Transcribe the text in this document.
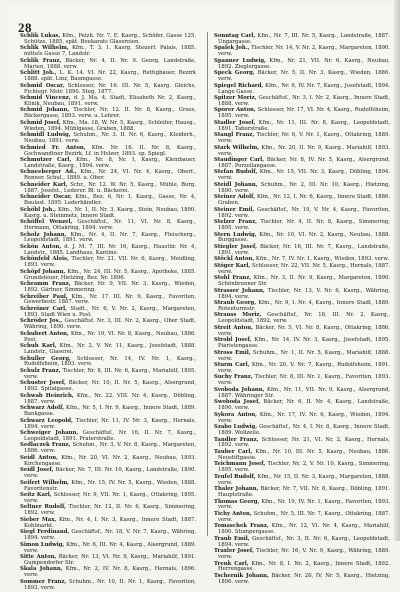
28

Schlik Lukas, Kfm., Pelzh. Nr. 7, E. Kasrg., Schöfer, Gasse 125, Schütze, 1885, spät. Boukarats Glasereien.

Schlik Wilhelm, Kfm., T. 3, 1. Kasrg. Steuerf. Palais, 1885. mittels Gasse 7, Landstr.

Schlik Franz, Bäcker, Nr. 4, II. Nr. 9. Georg, Landstraße, Marien, 1888. verw.

Schlitt Joh., L. K. 14. VI. Nr. 22, Kasrg., Rettigbauer, Bezirk 1888. spät. Linz, Baumgasse.

Schmid Oscar, Schlosser, Nr. 16. III. Nr. 5, Kasrg. Gleichs, Fichtegr. Mstr. 1890. Steg, 1877.

Schmid Vincenz, d. J. Ma. 4, Stadt, Elisabeth Nr. 2, Kasrg., Klinik, Neubau, 1891. verw.

Schmid Johann, Tischler, Nr. 12. II. Nr. 8, Kasrg., Gruss, Bäckergasse, 1893. verw. u. Lehrer.

Schmid Josef, Kfm., Ma. 18, W. Nr. 5, Kasrg., Schleifer, Hausg., Wieden, 1894. Mühlgasse, Graben, 1888.

Schmidl Ludwig, Schuhm., Nr. 3. II. Nr. 6, Kasrg., Kleiderh., Neubau, 1891. verw.

Schmied Fr. Anton, Kfm. Nr. 16. II. Nr. 8, Kasrg., Gschwandtner Bezirk, Lf. in Holzer, 1893. sp. Spiegl.

Schmutzer Carl, Kfm., Nr. 8, Nr. 1, Kasrg., Kleinbauer, Landstraße, Kasrg., 1894. verw.

Schneeberger Ad., Kfm., Nr. 24, VI. Nr. 4, Kasrg., Oberf., Renner. Schul., 1889. u. Ober.

Schneider Karl, Schr., Nr. 12. W. Nr. 5, Kasrg., Mühle, Burg. 1887. Josefst., Lederer. Bl. u. Bäckerei.

Schneider Oscar, Kfm., Bez. 6, Nr. 1, Kasrg., Gasse, Nr. 4, Baulast. 1895. Lederhändler.

Schöbl Joh., Kfm., Nr. 1, II. Nr. 3, Kasrg., Stein, Neubau, 1890. Kasrg. u. Steinmetz, Innere Stadt.

Schöffel Wenzel, Geschäftsf., Nr. 11, VI. Nr. 8, Kasrg., Hermann, Ottakring, 1894. verw.

Scholz Johann, Kfm., Nr. 4, II. Nr. 7, Kasrg., Fleischerg., Leopoldstadt, 1891. verw.

Schön Anton, d. J. M. 7, III. Nr. 16, Kasrg., Haustür. Nr. 4, Landstr., 1885. Landhaus, Kantine.

Schönfeld Alois, Tischler, Nr. 21, VII. Nr. 6, Kasrg., Meidling, 1893. verw.

Schöpf Johann, Kfm., Nr. 24, III. Nr. 5, Kasrg., Apotheke, 1885. Grundsteuer, Hietzing, Bez. Nr. 1896.

Schramm Franz, Bäcker, Nr. 9, VII. Nr. 3, Kasrg., Wieden, 1892. Gärtner, Simmering.

Schreiber Paul, Kfm., Nr. 17. III. Nr. 9, Kasrg., Favoriten, Gewerbestr. 1887. verw.

Schreiner Carl, Stadt., Nr. 6, V. Nr. 2, Kasrg., Margareten, 1893. Stadt Wien u. Post.

Schröder Jos., Geschäftsf. Nr. 3, III. Nr. 2, Kasrg., Ober Stadt, Währing, 1890. verw.

Schubert Anton, Kfm., Nr. 19, VI. Nr. 8, Kasrg., Neubau, 1886. Post.

Schuh Karl, Kfm., Nr. 2, V. Nr. 11, Kasrg., Josefstadt, 1888. Landstr., Glaserei.

Schuller Georg, Schlosser, Nr. 14, IV. Nr. 1, Kasrg., Rudolfsheim, 1893. verw.

Schulz Franz, Tischler, Nr. 8, III. Nr. 6, Kasrg., Mariahilf, 1895. verw.

Schuster Josef, Bäcker, Nr. 10, II. Nr. 5, Kasrg., Alsergrund, 1892. Spitalgasse.

Schwab Heinrich, Kfm., Nr. 22, VIII. Nr. 4, Kasrg., Döbling, 1887. verw.

Schwarz Adolf, Kfm., Nr. 5, I. Nr. 9, Kasrg., Innere Stadt, 1889. Bankgasse.

Schwarz Leopold, Tischler, Nr. 11, IV. Nr. 3, Kasrg., Hernals, 1894. verw.

Schweiger Johann, Geschäftsf., Nr. 16, II. Nr. 7, Kasrg., Leopoldstadt, 1891. Praterstraße.

Sedlaczek Franz, Schuhm., Nr. 3, V. Nr. 8, Kasrg., Margareten, 1886. verw.

Seidl Anton, Kfm., Nr. 20, VI. Nr. 2, Kasrg., Neubau, 1893. Kirchengasse.

Seidl Josef, Bäcker, Nr. 7, III. Nr. 10, Kasrg., Landstraße, 1890. verw.

Seifert Wilhelm, Kfm., Nr. 15, IV. Nr. 5, Kasrg., Wieden, 1888. Favoritenstr.

Seitz Karl, Schlosser, Nr. 9, VII. Nr. 1, Kasrg., Ottakring, 1895. verw.

Seltner Rudolf, Tischler, Nr. 12, II. Nr. 6, Kasrg., Simmering, 1892. verw.

Sieber Max, Kfm., Nr. 4, I. Nr. 3, Kasrg., Innere Stadt, 1887. Kohlmarkt.

Siegl Ferdinand, Geschäftsf., Nr. 18, V. Nr. 7, Kasrg., Währing, 1894. verw.

Simon Ludwig, Kfm., Nr. 6, III. Nr. 4, Kasrg., Alsergrund, 1889. verw.

Sitte Anton, Bäcker, Nr. 13, VI. Nr. 9, Kasrg., Mariahilf, 1891. Gumpendorfer Str.

Skala Johann, Kfm., Nr. 2, IV. Nr. 8, Kasrg., Hernals, 1896. verw.

Sommer Franz, Schuhm., Nr. 10, II. Nr. 1, Kasrg., Favoriten, 1893. verw.

Sonntag Carl, Kfm., Nr. 7, III. Nr. 5, Kasrg., Landstraße, 1887. Ungargasse.

Spalek Joh., Tischler, Nr. 14, V. Nr. 2, Kasrg., Margareten, 1890. verw.

Spanner Ludwig, Kfm., Nr. 21, VII. Nr. 6, Kasrg., Neubau, 1892. Zieglergasse.

Speck Georg, Bäcker, Nr. 5, II. Nr. 3, Kasrg., Wieden, 1886. verw.

Spiegel Richard, Kfm., Nr. 9, IV. Nr. 7, Kasrg., Josefstadt, 1894. Lange Gasse.

Spitzer Moriz, Geschäftsf., Nr. 3, I. Nr. 2, Kasrg., Innere Stadt, 1888. verw.

Sporer Anton, Schlosser, Nr. 17, VI. Nr. 4, Kasrg., Rudolfsheim, 1895. verw.

Stadler Josef, Kfm., Nr. 11, III. Nr. 8, Kasrg., Leopoldstadt, 1891. Taborstraße.

Stangl Franz, Tischler, Nr. 6, V. Nr. 1, Kasrg., Ottakring, 1889. verw.

Stark Wilhelm, Kfm., Nr. 20, II. Nr. 9, Kasrg., Mariahilf, 1893. verw.

Staudinger Carl, Bäcker, Nr. 8, IV. Nr. 5, Kasrg., Alsergrund, 1887. Porzellangasse.

Stefan Rudolf, Kfm., Nr. 15, VII. Nr. 3, Kasrg., Döbling, 1894. verw.

Steidl Johann, Schuhm., Nr. 2, III. Nr. 10, Kasrg., Hietzing, 1890. verw.

Steiner Adolf, Kfm., Nr. 12, I. Nr. 6, Kasrg., Innere Stadt, 1886. Graben.

Steiner Emil, Geschäftsf., Nr. 19, V. Nr. 4, Kasrg., Favoriten, 1892. verw.

Stelzer Franz, Tischler, Nr. 4, II. Nr. 8, Kasrg., Simmering, 1895. verw.

Stern Ludwig, Kfm., Nr. 10, VI. Nr. 2, Kasrg., Neubau, 1888. Burggasse.

Stiegler Josef, Bäcker, Nr. 16, III. Nr. 7, Kasrg., Landstraße, 1891. verw.

Stöckl Anton, Kfm., Nr. 7, IV. Nr. 1, Kasrg., Wieden, 1893. verw.

Stöger Karl, Schlosser, Nr. 22, VII. Nr. 5, Kasrg., Hernals, 1887. verw.

Stohl Franz, Kfm., Nr. 3, II. Nr. 9, Kasrg., Margareten, 1890. Schönbrunner Str.

Strasser Johann, Tischler, Nr. 13, V. Nr. 6, Kasrg., Währing, 1894. verw.

Straub Georg, Kfm., Nr. 9, I. Nr. 4, Kasrg., Innere Stadt, 1889. Rotenturmstr.

Strauss Moriz, Geschäftsf., Nr. 18, III. Nr. 2, Kasrg., Leopoldstadt, 1892. verw.

Streit Anton, Bäcker, Nr. 5, VI. Nr. 8, Kasrg., Ottakring, 1886. verw.

Strobl Josef, Kfm., Nr. 14, IV. Nr. 3, Kasrg., Josefstadt, 1895. Piaristengasse.

Stross Emil, Schuhm., Nr. 1, II. Nr. 5, Kasrg., Mariahilf, 1888. verw.

Sturm Carl, Kfm., Nr. 20, V. Nr. 7, Kasrg., Rudolfsheim, 1891. verw.

Suchy Franz, Tischler, Nr. 8, III. Nr. 1, Kasrg., Favoriten, 1893. verw.

Svoboda Johann, Kfm., Nr. 11, VII. Nr. 9, Kasrg., Alsergrund, 1887. Währinger Str.

Swoboda Josef, Bäcker, Nr. 6, II. Nr. 4, Kasrg., Landstraße, 1890. verw.

Sykora Anton, Kfm., Nr. 17, IV. Nr. 6, Kasrg., Wieden, 1894. verw.

Szabo Ludwig, Geschäftsf., Nr. 4, I. Nr. 8, Kasrg., Innere Stadt, 1889. Wollzeile.

Tandler Franz, Schlosser, Nr. 21, VI. Nr. 2, Kasrg., Hernals, 1892. verw.

Tauber Carl, Kfm., Nr. 10, III. Nr. 5, Kasrg., Neubau, 1886. Neustiftgasse.

Teichmann Josef, Tischler, Nr. 2, V. Nr. 10, Kasrg., Simmering, 1895. verw.

Teufel Rudolf, Kfm., Nr. 15, II. Nr. 3, Kasrg., Margareten, 1888. verw.

Thaler Johann, Bäcker, Nr. 7, VII. Nr. 8, Kasrg., Döbling, 1891. Hauptstraße.

Thomas Georg, Kfm., Nr. 19, IV. Nr. 1, Kasrg., Favoriten, 1893. verw.

Tichy Anton, Schuhm., Nr. 5, III. Nr. 7, Kasrg., Ottakring, 1887. verw.

Tomaschek Franz, Kfm., Nr. 12, VI. Nr. 4, Kasrg., Mariahilf, 1890. Stumpergasse.

Traub Emil, Geschäftsf., Nr. 3, II. Nr. 6, Kasrg., Leopoldstadt, 1894. verw.

Traxler Josef, Tischler, Nr. 16, V. Nr. 9, Kasrg., Währing, 1889. verw.

Trenk Carl, Kfm., Nr. 8, I. Nr. 2, Kasrg., Innere Stadt, 1892. Herrengasse.

Tschernik Johann, Bäcker, Nr. 20, IV. Nr. 5, Kasrg., Hietzing, 1896. verw.
